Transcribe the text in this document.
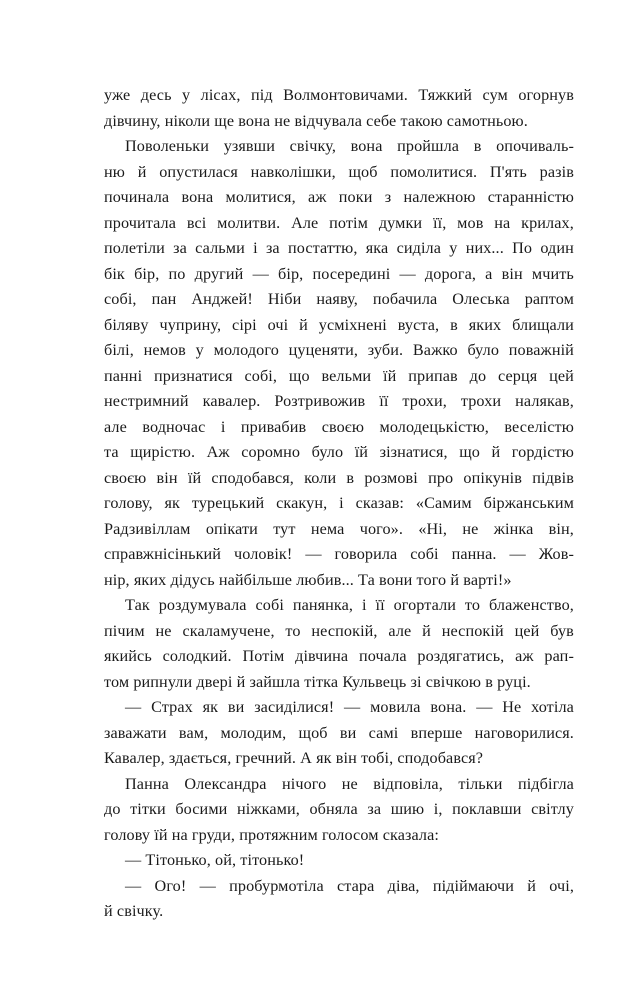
уже десь у лісах, під Волмонтовичами. Тяжкий сум огорнув
дівчину, ніколи ще вона не відчувала себе такою самотньою.
Поволеньки узявши свічку, вона пройшла в опочиваль-
ню й опустилася навколішки, щоб помолитися. П'ять разів
починала вона молитися, аж поки з належною старанністю
прочитала всі молитви. Але потім думки її, мов на крилах,
полетіли за сальми і за постаттю, яка сиділа у них... По один
бік бір, по другий — бір, посередині — дорога, а він мчить
собі, пан Анджей! Ніби наяву, побачила Олеська раптом
білявy чуприну, сірі очі й усміхнені вуста, в яких блищали
білі, немов у молодого цуценяти, зуби. Важко було поважній
панні признатися собі, що вельми їй припав до серця цей
нестримний кавалер. Розтривожив її трохи, трохи налякав,
але водночас і привабив своєю молодецькістю, веселістю
та щирістю. Аж соромно було їй зізнатися, що й гордістю
своєю він їй сподобався, коли в розмові про опікунів підвів
голову, як турецький скакун, і сказав: «Самим біржанським
Радзивіллам опікати тут нема чого». «Ні, не жінка він,
справжнісінький чоловік! — говорила собі панна. — Жов-
нір, яких дідусь найбільше любив... Та вони того й варті!»
Так роздумувала собі панянка, і її огортали то блаженство,
пічим не скаламучене, то неспокій, але й неспокій цей був
якийсь солодкий. Потім дівчина почала роздягатись, аж рап-
том рипнули двері й зайшла тітка Кульвець зі свічкою в руці.
— Страх як ви засиділися! — мовила вона. — Не хотіла
заважати вам, молодим, щоб ви самі вперше наговорилися.
Кавалер, здається, гречний. А як він тобі, сподобався?
Панна Олександра нічого не відповіла, тільки підбігла
до тітки босими ніжками, обняла за шию і, поклавши світлу
голову їй на груди, протяжним голосом сказала:
— Тітонько, ой, тітонько!
— Ого! — пробурмотіла стара діва, підіймаючи й очі,
й свічку.
